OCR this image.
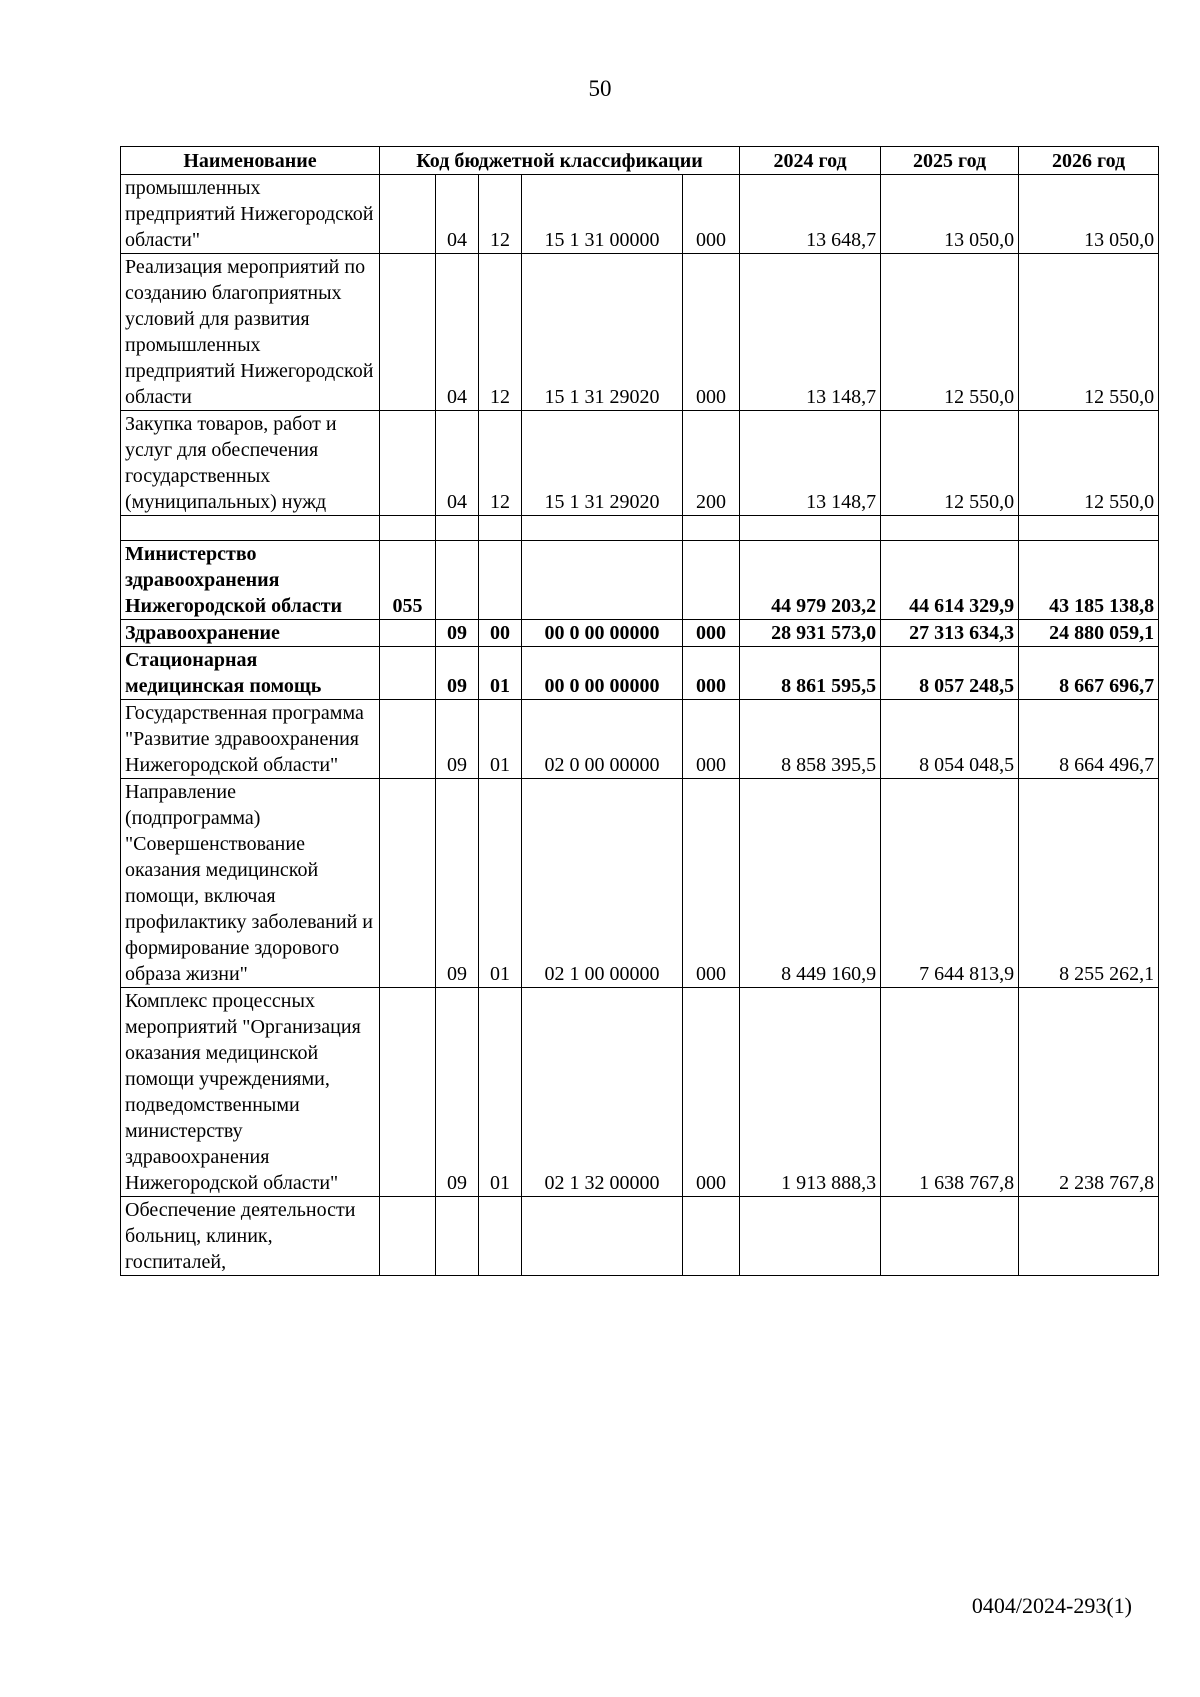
50
Наименование	Код бюджетной классификации					2024 год	2025 год	2026 год
промышленных предприятий Нижегородской области"		04	12	15 1 31 00000	000	13 648,7	13 050,0	13 050,0
Реализация мероприятий по созданию благоприятных условий для развития промышленных предприятий Нижегородской области		04	12	15 1 31 29020	000	13 148,7	12 550,0	12 550,0
Закупка товаров, работ и услуг для обеспечения государственных (муниципальных) нужд		04	12	15 1 31 29020	200	13 148,7	12 550,0	12 550,0

Министерство здравоохранения Нижегородской области	055					44 979 203,2	44 614 329,9	43 185 138,8
Здравоохранение		09	00	00 0 00 00000	000	28 931 573,0	27 313 634,3	24 880 059,1
Стационарная медицинская помощь		09	01	00 0 00 00000	000	8 861 595,5	8 057 248,5	8 667 696,7
Государственная программа "Развитие здравоохранения Нижегородской области"		09	01	02 0 00 00000	000	8 858 395,5	8 054 048,5	8 664 496,7
Направление (подпрограмма) "Совершенствование оказания медицинской помощи, включая профилактику заболеваний и формирование здорового образа жизни"		09	01	02 1 00 00000	000	8 449 160,9	7 644 813,9	8 255 262,1
Комплекс процессных мероприятий "Организация оказания медицинской помощи учреждениями, подведомственными министерству здравоохранения Нижегородской области"		09	01	02 1 32 00000	000	1 913 888,3	1 638 767,8	2 238 767,8
Обеспечение деятельности больниц, клиник, госпиталей,								
0404/2024-293(1)
